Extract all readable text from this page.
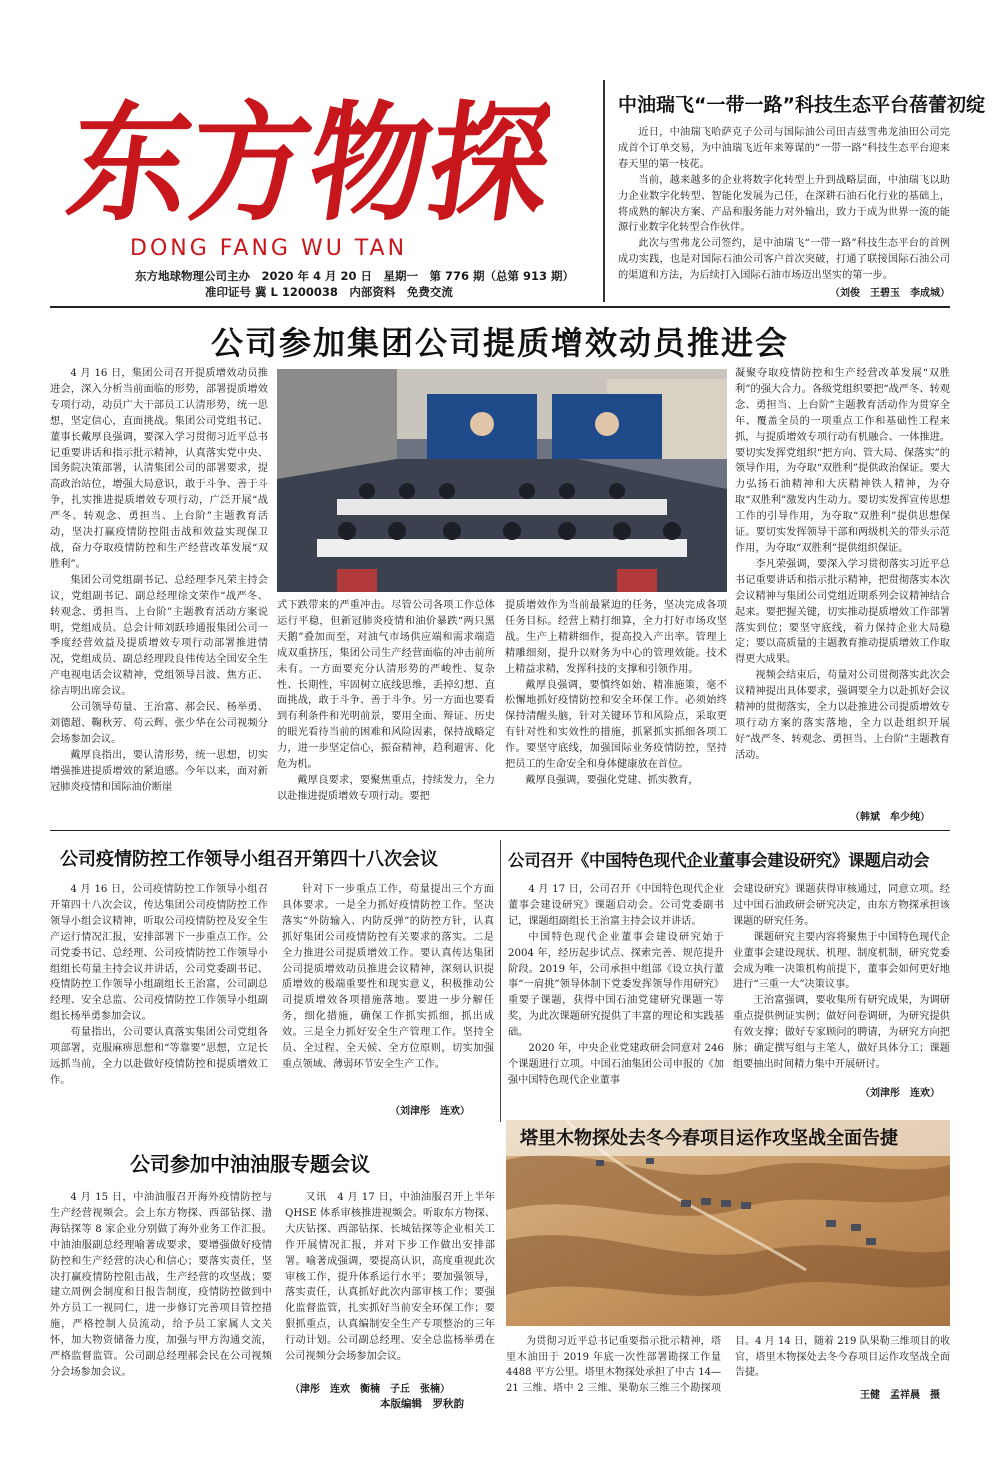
东方物探
DONG FANG WU TAN
东方地球物理公司主办　2020 年 4 月 20 日　星期一　第 776 期（总第 913 期）
准印证号 冀 L 1200038　内部资料　免费交流
中油瑞飞“一带一路”科技生态平台蓓蕾初绽

近日，中油瑞飞哈萨克子公司与国际油公司田吉兹雪弗龙油田公司完成首个订单交易，为中油瑞飞近年来筹谋的“一带一路”科技生态平台迎来春天里的第一枝花。

当前，越来越多的企业将数字化转型上升到战略层面，中油瑞飞以助力企业数字化转型、智能化发展为己任，在深耕石油石化行业的基础上，将成熟的解决方案、产品和服务能力对外输出，致力于成为世界一流的能源行业数字化转型合作伙伴。

此次与雪弗龙公司签约，是中油瑞飞“一带一路”科技生态平台的首例成功实践，也是对国际石油公司客户首次突破，打通了联接国际石油公司的渠道和方法，为后续打入国际石油市场迈出坚实的第一步。

（刘俊　王碧玉　李成城）
公司参加集团公司提质增效动员推进会

4 月 16 日，集团公司召开提质增效动员推进会，深入分析当前面临的形势，部署提质增效专项行动，动员广大干部员工认清形势，统一思想，坚定信心，直面挑战。集团公司党组书记、董事长戴厚良强调，要深入学习贯彻习近平总书记重要讲话和指示批示精神，认真落实党中央、国务院决策部署，认清集团公司的部署要求，提高政治站位，增强大局意识，敢于斗争、善于斗争，扎实推进提质增效专项行动，广泛开展“战严冬、转观念、勇担当、上台阶”主题教育活动，坚决打赢疫情防控阻击战和效益实现保卫战，奋力夺取疫情防控和生产经营改革发展“双胜利”。

集团公司党组副书记、总经理李凡荣主持会议，党组副书记、副总经理徐文荣作“战严冬、转观念、勇担当、上台阶”主题教育活动方案说明，党组成员、总会计师刘跃珍通报集团公司一季度经营效益及提质增效专项行动部署推进情况，党组成员、副总经理段良伟传达全国安全生产电视电话会议精神，党组领导吕波、焦方正、徐吉明出席会议。

公司领导苟量、王治富、郝会民、杨举勇、刘德超、鞠秋芳、苟云辉、张少华在公司视频分会场参加会议。

戴厚良指出，要认清形势，统一思想，切实增强推进提质增效的紧迫感。今年以来，面对新冠肺炎疫情和国际油价断崖

式下跌带来的严重冲击。尽管公司各项工作总体运行平稳，但新冠肺炎疫情和油价暴跌“两只黑天鹅”叠加而至，对油气市场供应端和需求端造成双重挤压，集团公司生产经营面临的冲击前所未有。一方面要充分认清形势的严峻性、复杂性、长期性，牢固树立底线思维，丢掉幻想、直面挑战，敢于斗争、善于斗争。另一方面也要看到有利条件和光明前景，要用全面、辩证、历史的眼光看待当前的困难和风险因素，保持战略定力，进一步坚定信心，振奋精神，趋利避害、化危为机。

戴厚良要求，要聚焦重点，持续发力，全力以赴推进提质增效专项行动。要把

提质增效作为当前最紧迫的任务，坚决完成各项任务目标。经营上精打细算，全力打好市场攻坚战。生产上精耕细作，提高投入产出率。管理上精雕细刻，提升以财务为中心的管理效能。技术上精益求精，发挥科技的支撑和引领作用。

戴厚良强调，要慎终如始、精准施策，毫不松懈地抓好疫情防控和安全环保工作。必须始终保持清醒头脑，针对关键环节和风险点，采取更有针对性和实效性的措施，抓紧抓实抓细各项工作。要坚守底线，加强国际业务疫情防控，坚持把员工的生命安全和身体健康放在首位。

戴厚良强调，要强化党建、抓实教育，

凝聚夺取疫情防控和生产经营改革发展“双胜利”的强大合力。各级党组织要把“战严冬、转观念、勇担当、上台阶”主题教育活动作为贯穿全年、覆盖全员的一项重点工作和基础性工程来抓，与提质增效专项行动有机融合、一体推进。要切实发挥党组织“把方向、管大局、保落实”的领导作用，为夺取“双胜利”提供政治保证。要大力弘扬石油精神和大庆精神铁人精神，为夺取“双胜利”激发内生动力。要切实发挥宣传思想工作的引导作用，为夺取“双胜利”提供思想保证。要切实发挥领导干部和两级机关的带头示范作用，为夺取“双胜利”提供组织保证。

李凡荣强调，要深入学习贯彻落实习近平总书记重要讲话和指示批示精神，把贯彻落实本次会议精神与集团公司党组近期系列会议精神结合起来。要把握关键，切实推动提质增效工作部署落实到位；要坚守底线，着力保持企业大局稳定；要以高质量的主题教育推动提质增效工作取得更大成果。

视频会结束后，苟量对公司贯彻落实此次会议精神提出具体要求，强调要全力以赴抓好会议精神的贯彻落实，全力以赴推进公司提质增效专项行动方案的落实落地，全力以赴组织开展好“战严冬、转观念、勇担当、上台阶”主题教育活动。

（韩斌　牟少纯）
公司疫情防控工作领导小组召开第四十八次会议

4 月 16 日，公司疫情防控工作领导小组召开第四十八次会议，传达集团公司疫情防控工作领导小组会议精神，听取公司疫情防控及安全生产运行情况汇报，安排部署下一步重点工作。公司党委书记、总经理、公司疫情防控工作领导小组组长苟量主持会议并讲话，公司党委副书记、疫情防控工作领导小组副组长王治富，公司副总经理、安全总监、公司疫情防控工作领导小组副组长杨举勇参加会议。

苟量指出，公司要认真落实集团公司党组各项部署，克服麻痹思想和“等靠要”思想，立足长远抓当前，全力以赴做好疫情防控和提质增效工作。

针对下一步重点工作，苟量提出三个方面具体要求。一是全力抓好疫情防控工作。坚决落实“外防输入、内防反弹”的防控方针，认真抓好集团公司疫情防控有关要求的落实。二是全力推进公司提质增效工作。要认真传达集团公司提质增效动员推进会议精神，深刻认识提质增效的极端重要性和现实意义，积极推动公司提质增效各项措施落地。要进一步分解任务，细化措施，确保工作抓实抓细，抓出成效。三是全力抓好安全生产管理工作。坚持全员、全过程、全天候、全方位原则，切实加强重点领域、薄弱环节安全生产工作。

（刘津彤　连欢）
公司召开《中国特色现代企业董事会建设研究》课题启动会

4 月 17 日，公司召开《中国特色现代企业董事会建设研究》课题启动会。公司党委副书记，课题组副组长王治富主持会议并讲话。

中国特色现代企业董事会建设研究始于 2004 年，经历起步试点、探索完善、规范提升阶段。2019 年，公司承担中组部《设立执行董事“一肩挑”领导体制下党委发挥领导作用研究》重要子课题，获得中国石油党建研究课题一等奖，为此次课题研究提供了丰富的理论和实践基础。

2020 年，中央企业党建政研会同意对 246 个课题进行立项。中国石油集团公司申报的《加强中国特色现代企业董事

会建设研究》课题获得审核通过，同意立项。经过中国石油政研会研究决定，由东方物探承担该课题的研究任务。

课题研究主要内容将聚焦于中国特色现代企业董事会建设现状、机理、制度机制，研究党委会成为唯一决策机构前提下，董事会如何更好地进行“三重一大”决策议事。

王治富强调，要收集所有研究成果，为调研重点提供例证实例；做好问卷调研，为研究提供有效支撑；做好专家顾问的聘请，为研究方向把脉；确定撰写组与主笔人，做好具体分工；课题组要抽出时间精力集中开展研讨。

（刘津彤　连欢）
公司参加中油油服专题会议

4 月 15 日，中油油服召开海外疫情防控与生产经营视频会。会上东方物探、西部钻探、渤海钻探等 8 家企业分别做了海外业务工作汇报。中油油服副总经理喻著成要求，要增强做好疫情防控和生产经营的决心和信心；要落实责任，坚决打赢疫情防控阻击战，生产经营的攻坚战；要建立周例会制度和日报告制度，疫情防控做到中外方员工一视同仁，进一步修订完善项目管控措施，严格控制人员流动，给予员工家属人文关怀，加大物资储备力度，加强与甲方沟通交流，严格监督监管。公司副总经理郝会民在公司视频分会场参加会议。

又讯　4 月 17 日，中油油服召开上半年 QHSE 体系审核推进视频会。听取东方物探、大庆钻探、西部钻探、长城钻探等企业相关工作开展情况汇报，并对下步工作做出安排部署。喻著成强调，要提高认识，高度重视此次审核工作，提升体系运行水平；要加强领导，落实责任，认真抓好此次内部审核工作；要强化监督监管，扎实抓好当前安全环保工作；要狠抓重点，认真编制安全生产专项整治的三年行动计划。公司副总经理、安全总监杨举勇在公司视频分会场参加会议。

（津彤　连欢　衡楠　子丘　张楠）
本版编辑　罗秋韵
塔里木物探处去冬今春项目运作攻坚战全面告捷

为贯彻习近平总书记重要指示批示精神，塔里木油田于 2019 年底一次性部署勘探工作量 4488 平方公里。塔里木物探处承担了中古 14—21 三维、塔中 2 三维、果勒东三维三个勘探项目。4 月 14 日，随着 219 队果勒三维项目的收官，塔里木物探处去冬今春项目运作攻坚战全面告捷。

王健　孟祥晨　摄
